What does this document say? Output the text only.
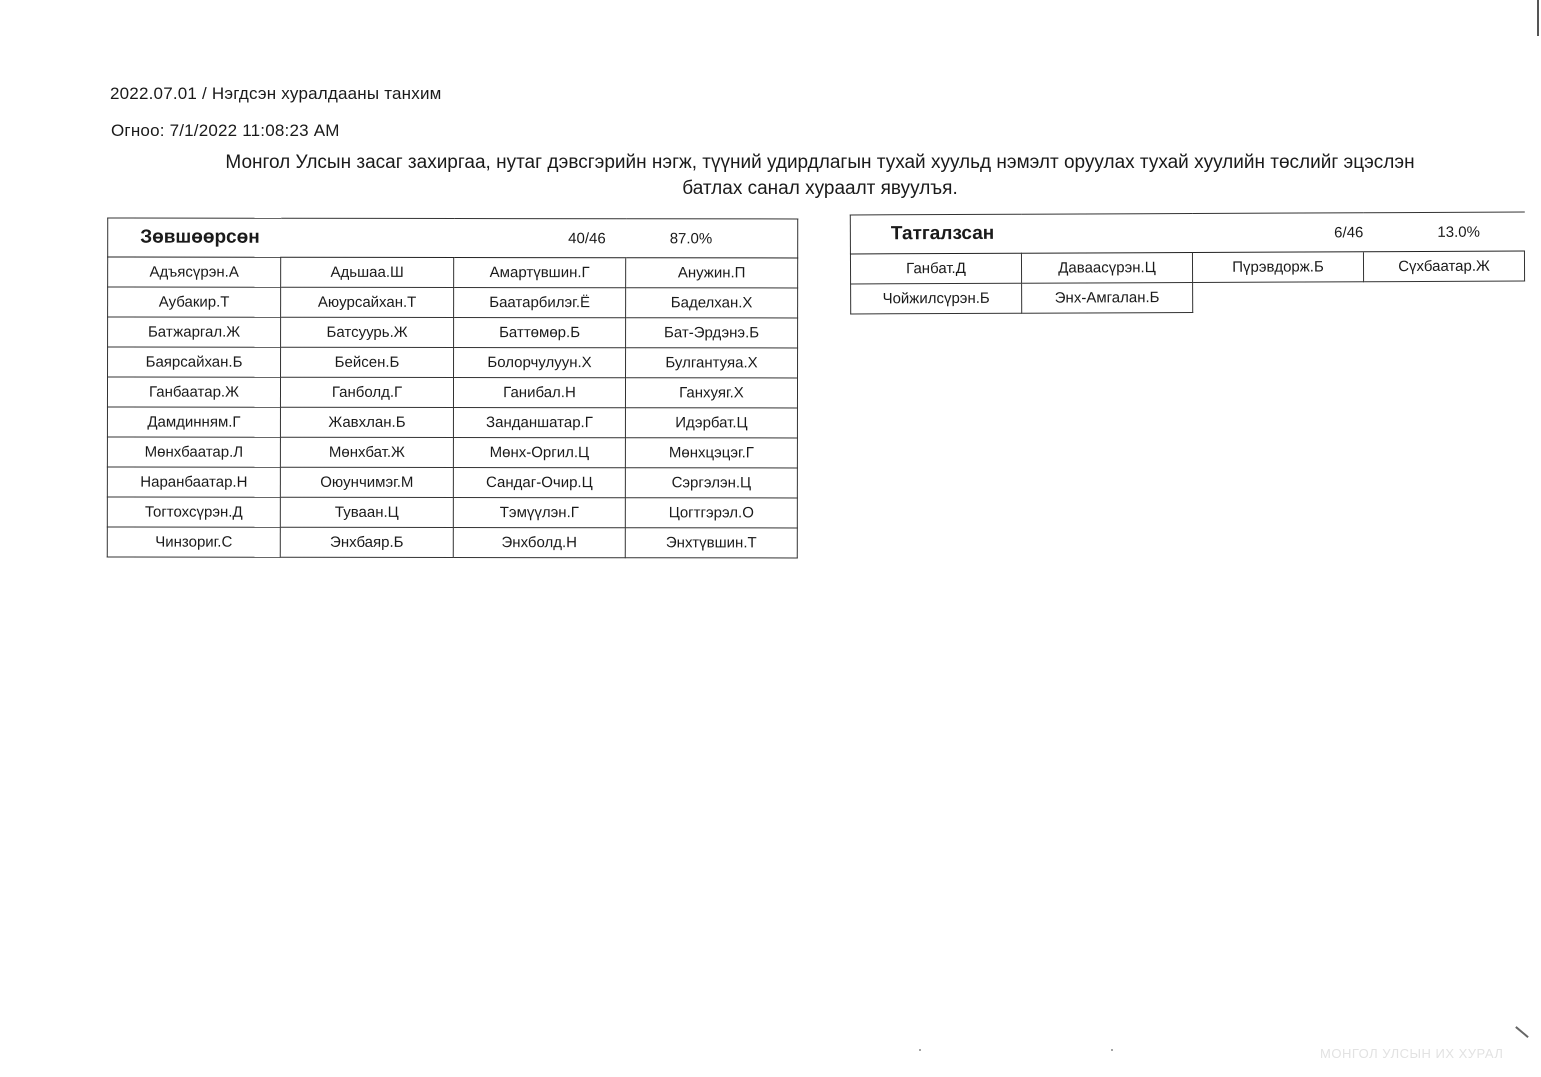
2022.07.01 / Нэгдсэн хуралдааны танхим
Огноо: 7/1/2022 11:08:23 AM
Монгол Улсын засаг захиргаа, нутаг дэвсгэрийн нэгж, түүний удирдлагын тухай хуульд нэмэлт оруулах тухай хуулийн төслийг эцэслэн
батлах санал хураалт явуулъя.
Зөвшөөрсөн		40/46	87.0%
Адъясүрэн.А	Адьшаа.Ш	Амартүвшин.Г	Анужин.П
Аубакир.Т	Аюурсайхан.Т	Баатарбилэг.Ё	Баделхан.Х
Батжаргал.Ж	Батсуурь.Ж	Баттөмөр.Б	Бат-Эрдэнэ.Б
Баярсайхан.Б	Бейсен.Б	Болорчулуун.Х	Булгантуяа.Х
Ганбаатар.Ж	Ганболд.Г	Ганибал.Н	Ганхуяг.Х
Дамдинням.Г	Жавхлан.Б	Занданшатар.Г	Идэрбат.Ц
Мөнхбаатар.Л	Мөнхбат.Ж	Мөнх-Оргил.Ц	Мөнхцэцэг.Г
Наранбаатар.Н	Оюунчимэг.М	Сандаг-Очир.Ц	Сэргэлэн.Ц
Тогтохсүрэн.Д	Туваан.Ц	Тэмүүлэн.Г	Цогтгэрэл.О
Чинзориг.С	Энхбаяр.Б	Энхболд.Н	Энхтүвшин.Т
Татгалзсан		6/46	13.0%
Ганбат.Д	Даваасүрэн.Ц	Пүрэвдорж.Б	Сүхбаатар.Ж
Чойжилсүрэн.Б	Энх-Амгалан.Б		
МОНГОЛ УЛСЫН ИХ ХУРАЛ
